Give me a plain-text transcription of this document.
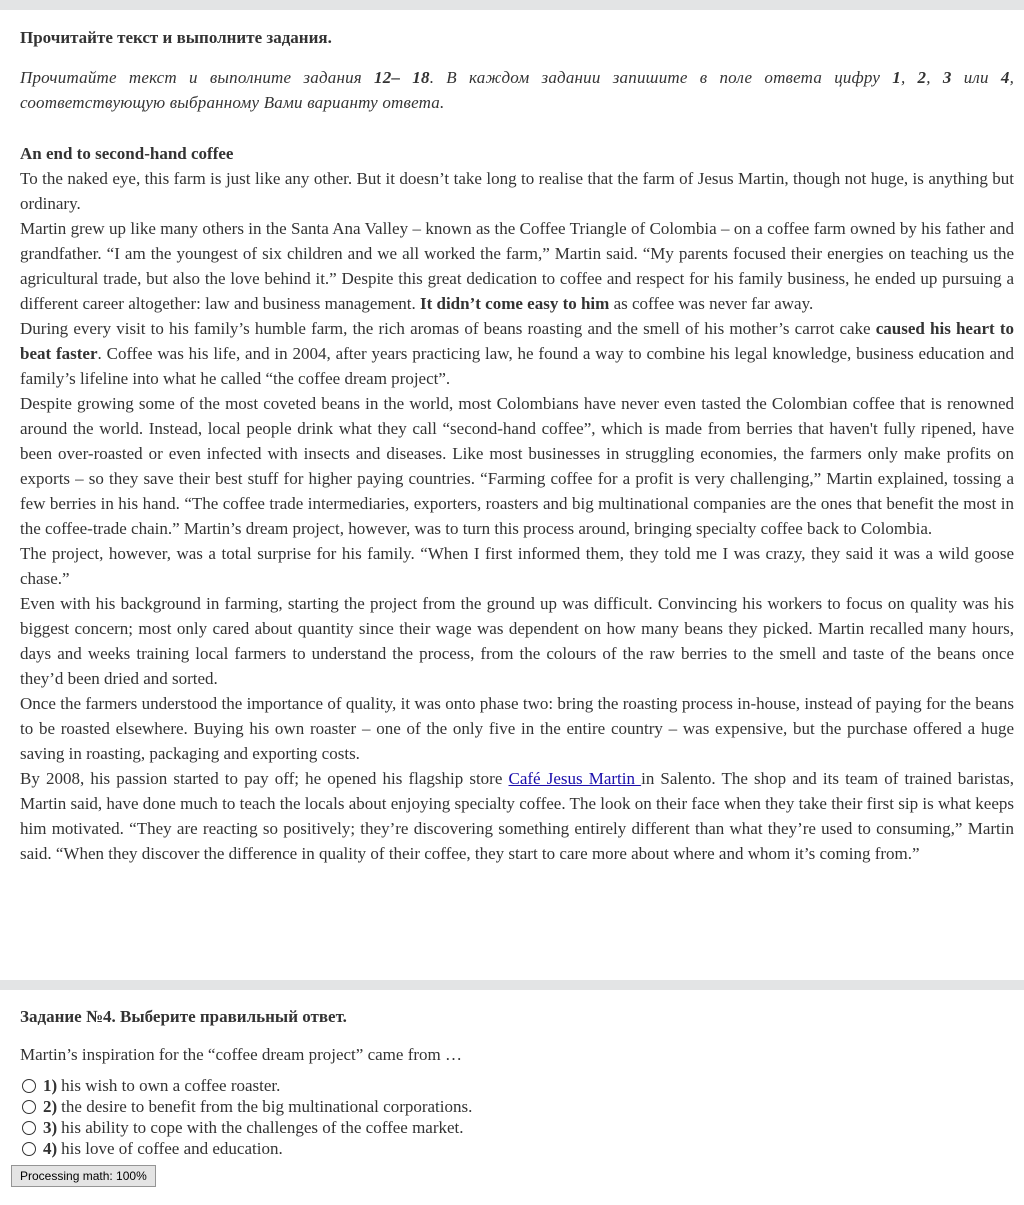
Прочитайте текст и выполните задания.

Прочитайте текст и выполните задания 12– 18. В каждом задании запишите в поле ответа цифру 1, 2, 3 или 4, соответствующую выбранному Вами варианту ответа.

An end to second-hand coffee

To the naked eye, this farm is just like any other. But it doesn’t take long to realise that the farm of Jesus Martin, though not huge, is anything but ordinary.

Martin grew up like many others in the Santa Ana Valley – known as the Coffee Triangle of Colombia – on a coffee farm owned by his father and grandfather. “I am the youngest of six children and we all worked the farm,” Martin said. “My parents focused their energies on teaching us the agricultural trade, but also the love behind it.” Despite this great dedication to coffee and respect for his family business, he ended up pursuing a different career altogether: law and business management. It didn’t come easy to him as coffee was never far away.

During every visit to his family’s humble farm, the rich aromas of beans roasting and the smell of his mother’s carrot cake caused his heart to beat faster. Coffee was his life, and in 2004, after years practicing law, he found a way to combine his legal knowledge, business education and family’s lifeline into what he called “the coffee dream project”.

Despite growing some of the most coveted beans in the world, most Colombians have never even tasted the Colombian coffee that is renowned around the world. Instead, local people drink what they call “second-hand coffee”, which is made from berries that haven't fully ripened, have been over-roasted or even infected with insects and diseases. Like most businesses in struggling economies, the farmers only make profits on exports – so they save their best stuff for higher paying countries. “Farming coffee for a profit is very challenging,” Martin explained, tossing a few berries in his hand. “The coffee trade intermediaries, exporters, roasters and big multinational companies are the ones that benefit the most in the coffee-trade chain.” Martin’s dream project, however, was to turn this process around, bringing specialty coffee back to Colombia.

The project, however, was a total surprise for his family. “When I first informed them, they told me I was crazy, they said it was a wild goose chase.”

Even with his background in farming, starting the project from the ground up was difficult. Convincing his workers to focus on quality was his biggest concern; most only cared about quantity since their wage was dependent on how many beans they picked. Martin recalled many hours, days and weeks training local farmers to understand the process, from the colours of the raw berries to the smell and taste of the beans once they’d been dried and sorted.

Once the farmers understood the importance of quality, it was onto phase two: bring the roasting process in-house, instead of paying for the beans to be roasted elsewhere. Buying his own roaster – one of the only five in the entire country – was expensive, but the purchase offered a huge saving in roasting, packaging and exporting costs.

By 2008, his passion started to pay off; he opened his flagship store Café Jesus Martin in Salento. The shop and its team of trained baristas, Martin said, have done much to teach the locals about enjoying specialty coffee. The look on their face when they take their first sip is what keeps him motivated. “They are reacting so positively; they’re discovering something entirely different than what they’re used to consuming,” Martin said. “When they discover the difference in quality of their coffee, they start to care more about where and whom it’s coming from.”

Задание №4. Выберите правильный ответ.

Martin’s inspiration for the “coffee dream project” came from …

1) his wish to own a coffee roaster.
2) the desire to benefit from the big multinational corporations.
3) his ability to cope with the challenges of the coffee market.
4) his love of coffee and education.
Processing math: 100%
